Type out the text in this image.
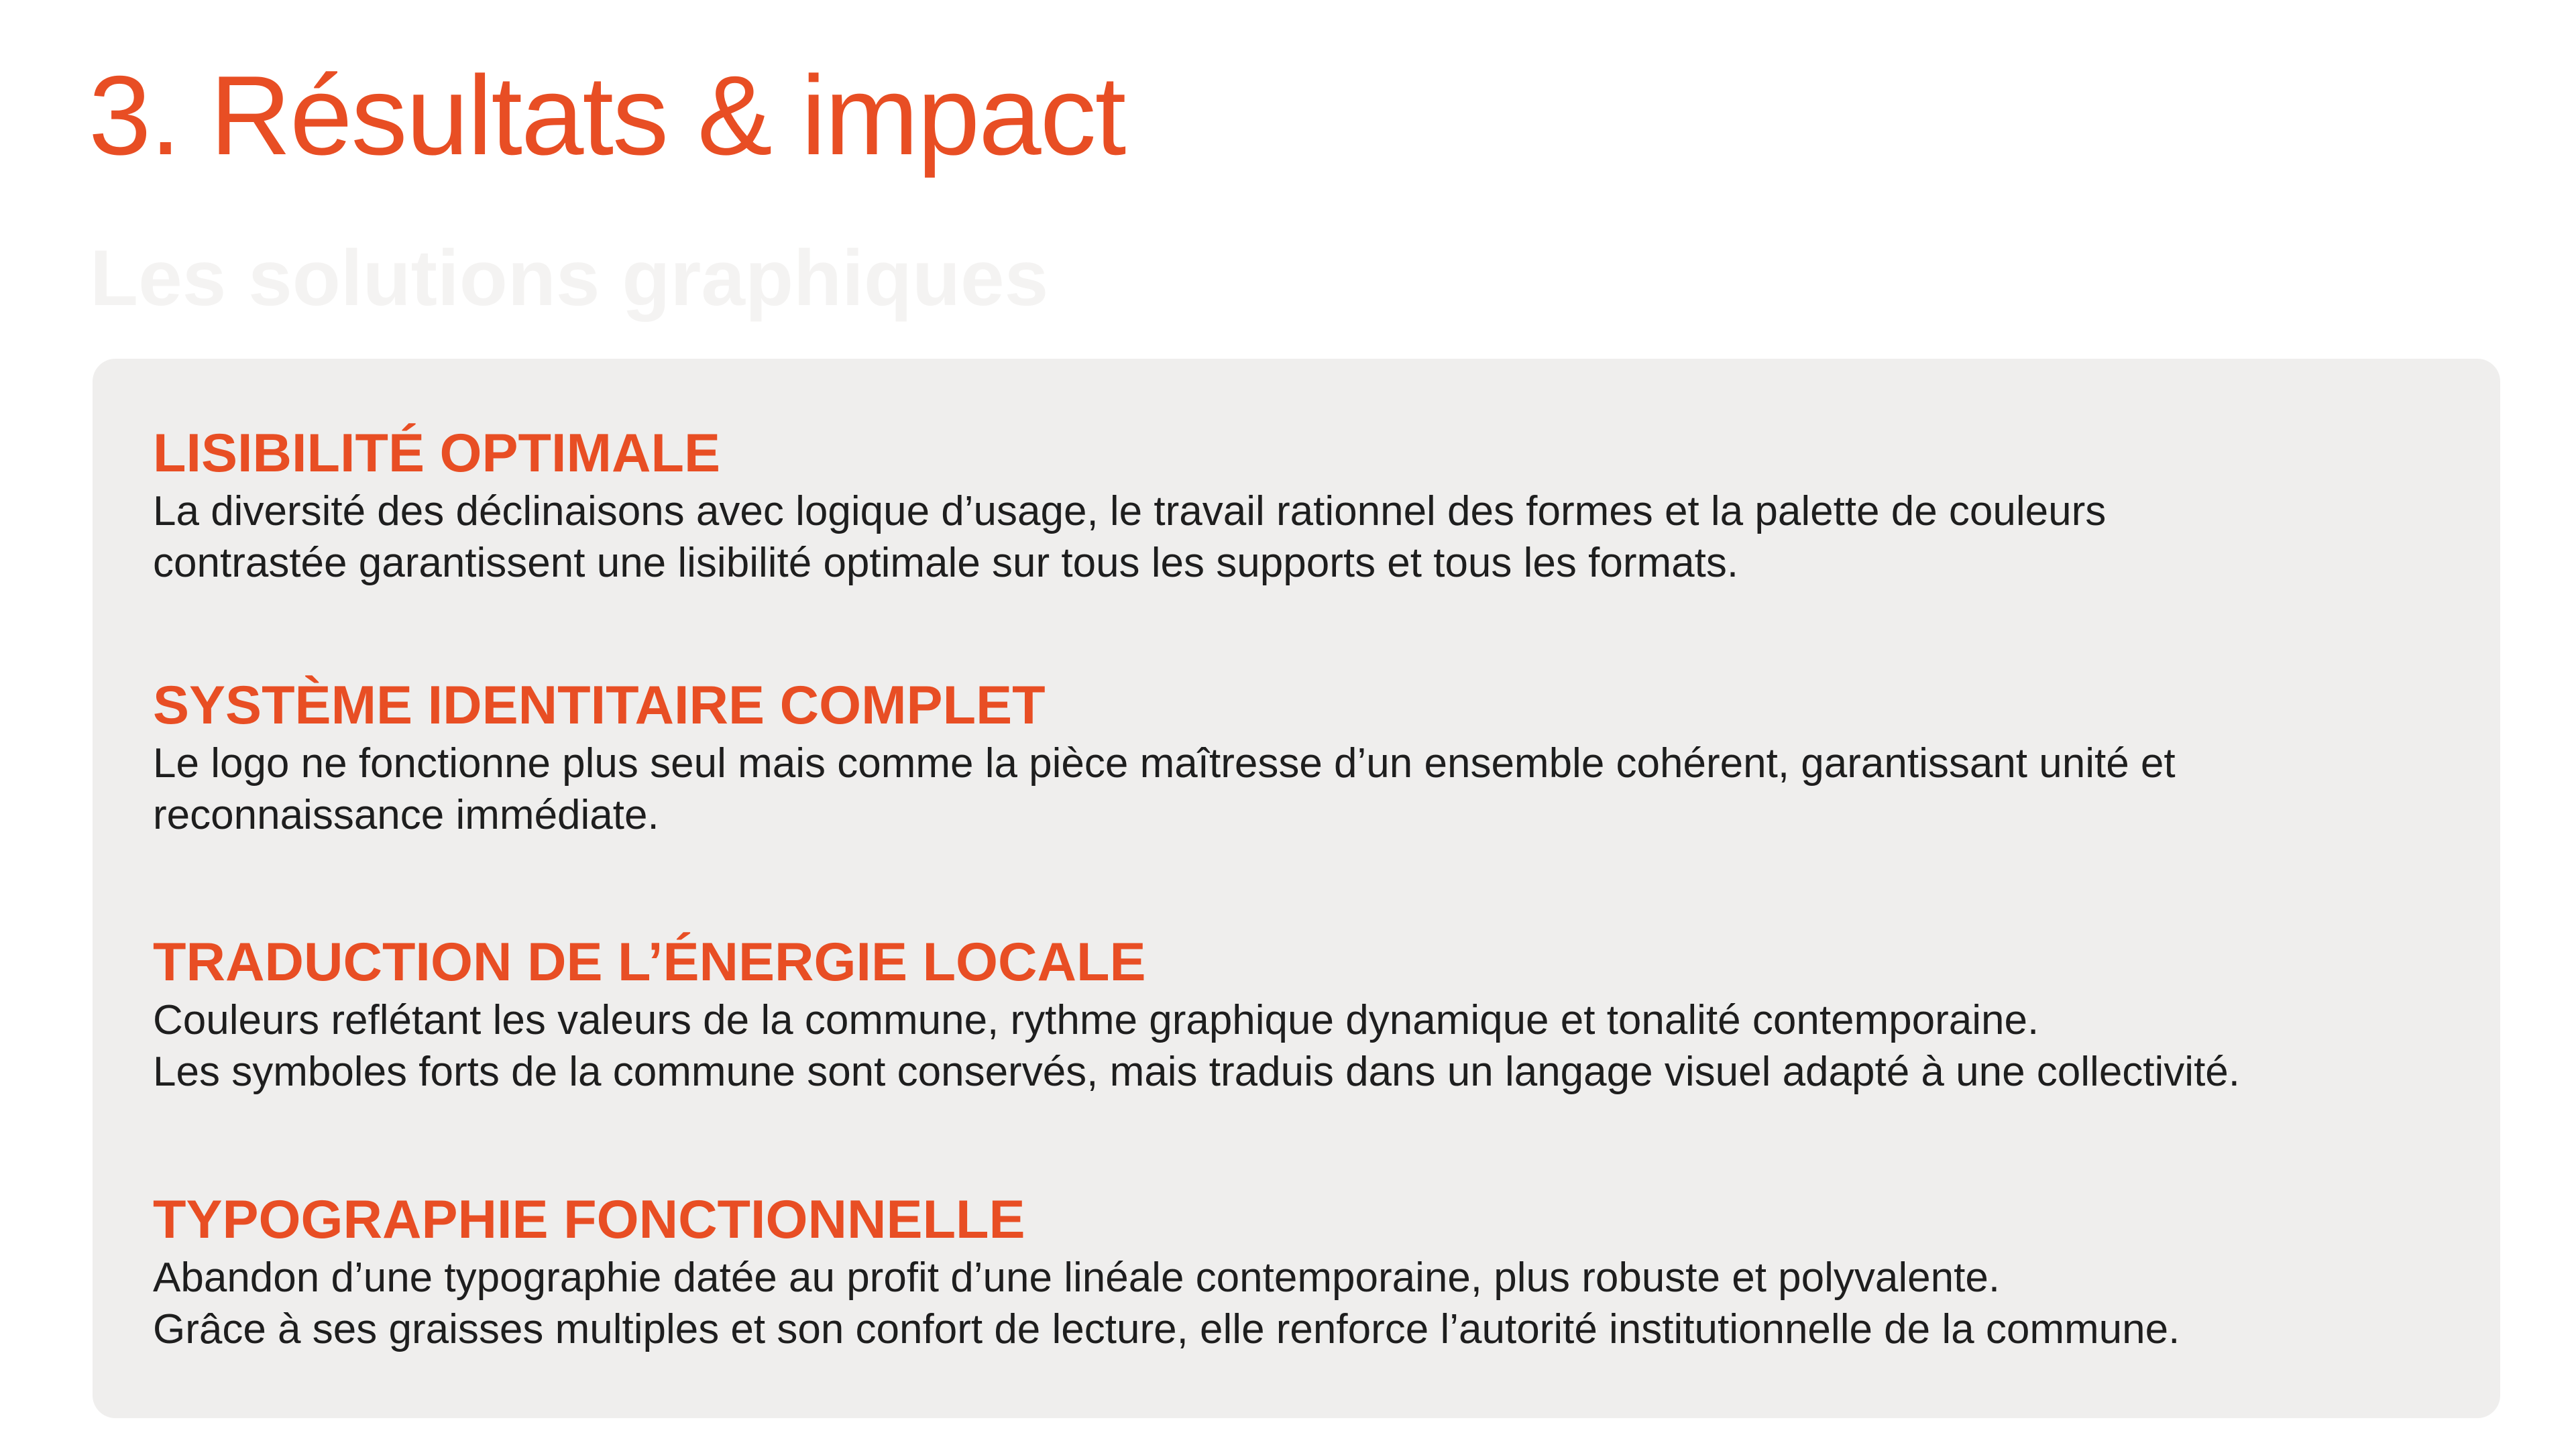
3. Résultats & impact
Les solutions graphiques
LISIBILITÉ OPTIMALE

La diversité des déclinaisons avec logique d’usage, le travail rationnel des formes et la palette de couleurs

contrastée garantissent une lisibilité optimale sur tous les supports et tous les formats.

SYSTÈME IDENTITAIRE COMPLET

Le logo ne fonctionne plus seul mais comme la pièce maîtresse d’un ensemble cohérent, garantissant unité et

reconnaissance immédiate.

TRADUCTION DE L’ÉNERGIE LOCALE

Couleurs reflétant les valeurs de la commune, rythme graphique dynamique et tonalité contemporaine.

Les symboles forts de la commune sont conservés, mais traduis dans un langage visuel adapté à une collectivité.

TYPOGRAPHIE FONCTIONNELLE

Abandon d’une typographie datée au profit d’une linéale contemporaine, plus robuste et polyvalente.

Grâce à ses graisses multiples et son confort de lecture, elle renforce l’autorité institutionnelle de la commune.
